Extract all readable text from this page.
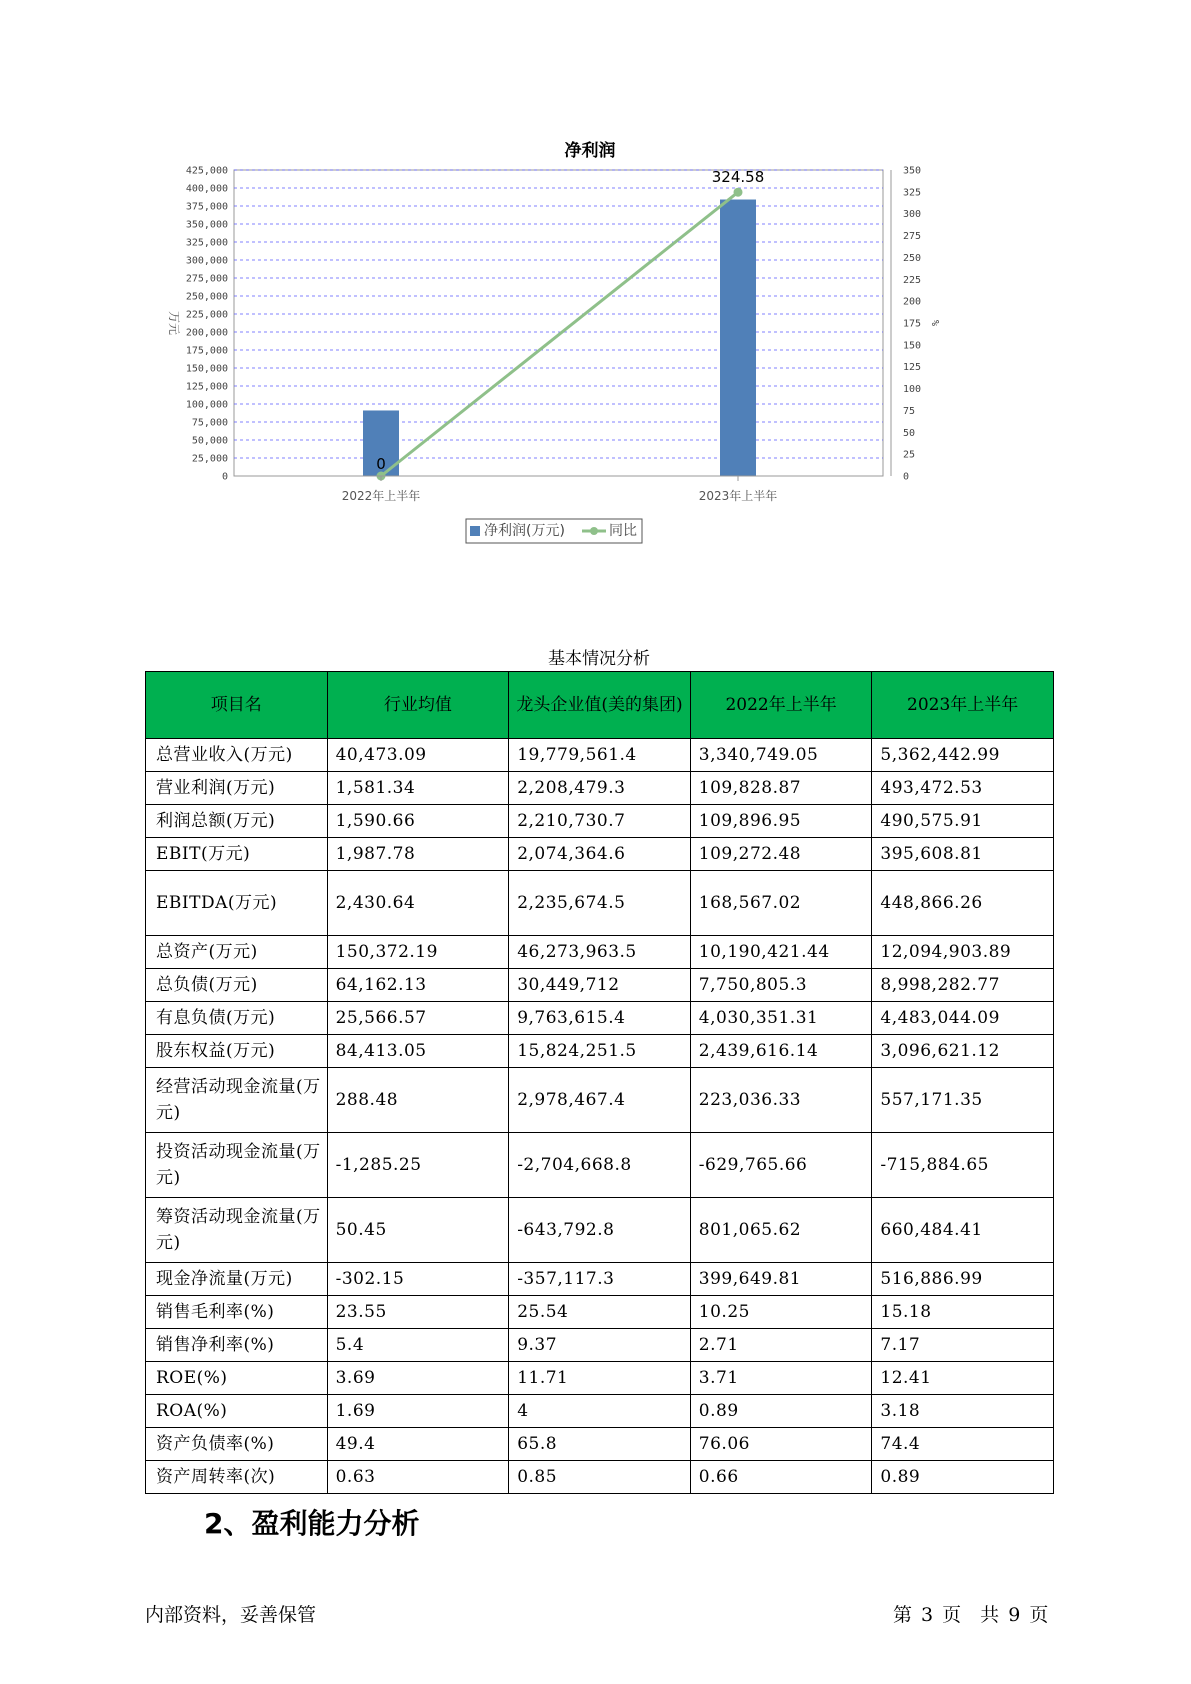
净利润
0
25,000
50,000
75,000
100,000
125,000
150,000
175,000
200,000
225,000
250,000
275,000
300,000
325,000
350,000
375,000
400,000
425,000
0
25
50
75
100
125
150
175
200
225
250
275
300
325
350
万元	%
0
324.58
2022年上半年	2023年上半年
净利润(万元)	同比
基本情况分析
项目名	行业均值	龙头企业值(美的集团)	2022年上半年	2023年上半年
总营业收入(万元)	40,473.09	19,779,561.4	3,340,749.05	5,362,442.99
营业利润(万元)	1,581.34	2,208,479.3	109,828.87	493,472.53
利润总额(万元)	1,590.66	2,210,730.7	109,896.95	490,575.91
EBIT(万元)	1,987.78	2,074,364.6	109,272.48	395,608.81
EBITDA(万元)	2,430.64	2,235,674.5	168,567.02	448,866.26
总资产(万元)	150,372.19	46,273,963.5	10,190,421.44	12,094,903.89
总负债(万元)	64,162.13	30,449,712	7,750,805.3	8,998,282.77
有息负债(万元)	25,566.57	9,763,615.4	4,030,351.31	4,483,044.09
股东权益(万元)	84,413.05	15,824,251.5	2,439,616.14	3,096,621.12
经营活动现金流量(万元)	288.48	2,978,467.4	223,036.33	557,171.35
投资活动现金流量(万元)	-1,285.25	-2,704,668.8	-629,765.66	-715,884.65
筹资活动现金流量(万元)	50.45	-643,792.8	801,065.62	660,484.41
现金净流量(万元)	-302.15	-357,117.3	399,649.81	516,886.99
销售毛利率(%)	23.55	25.54	10.25	15.18
销售净利率(%)	5.4	9.37	2.71	7.17
ROE(%)	3.69	11.71	3.71	12.41
ROA(%)	1.69	4	0.89	3.18
资产负债率(%)	49.4	65.8	76.06	74.4
资产周转率(次)	0.63	0.85	0.66	0.89
2、盈利能力分析
内部资料，妥善保管	第 3 页　共 9 页
